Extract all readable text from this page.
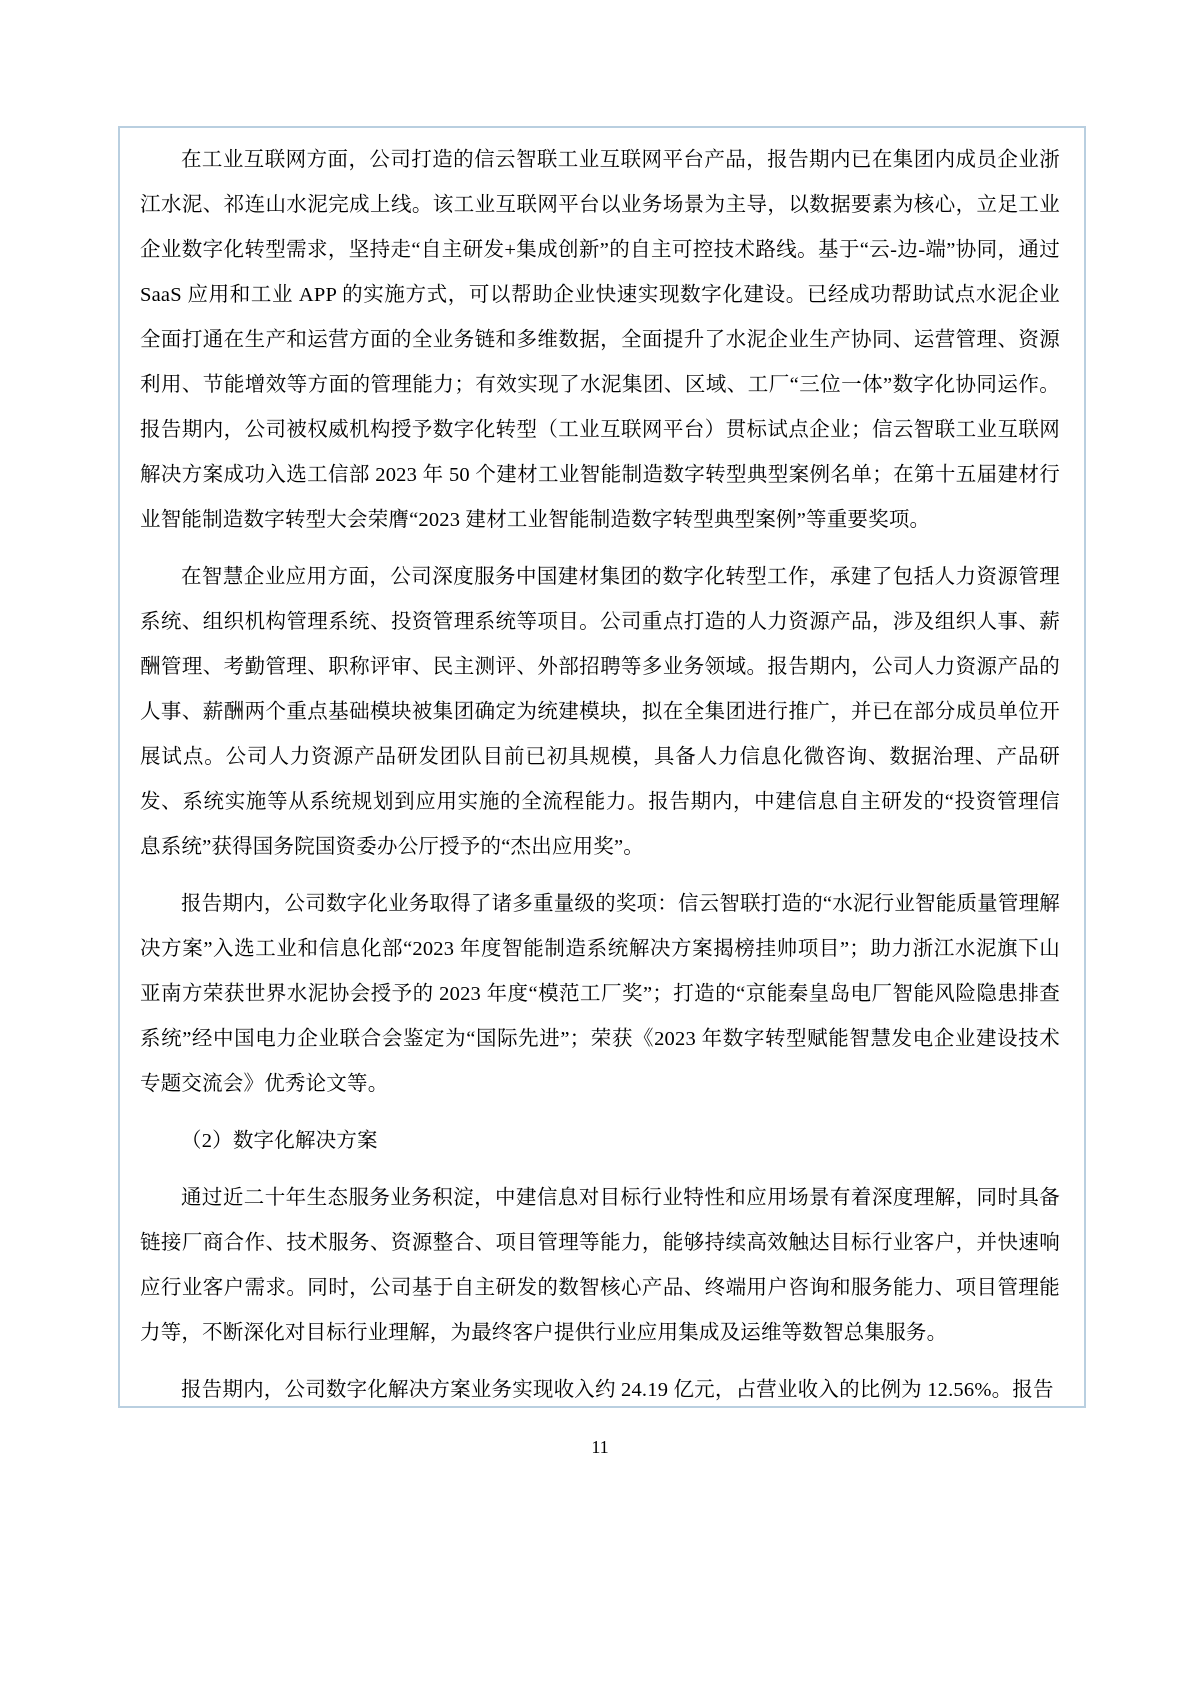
在工业互联网方面，公司打造的信云智联工业互联网平台产品，报告期内已在集团内成员企业浙江水泥、祁连山水泥完成上线。该工业互联网平台以业务场景为主导，以数据要素为核心，立足工业企业数字化转型需求，坚持走“自主研发+集成创新”的自主可控技术路线。基于“云-边-端”协同，通过 SaaS 应用和工业 APP 的实施方式，可以帮助企业快速实现数字化建设。已经成功帮助试点水泥企业全面打通在生产和运营方面的全业务链和多维数据，全面提升了水泥企业生产协同、运营管理、资源利用、节能增效等方面的管理能力；有效实现了水泥集团、区域、工厂“三位一体”数字化协同运作。报告期内，公司被权威机构授予数字化转型（工业互联网平台）贯标试点企业；信云智联工业互联网解决方案成功入选工信部 2023 年 50 个建材工业智能制造数字转型典型案例名单；在第十五届建材行业智能制造数字转型大会荣膺“2023 建材工业智能制造数字转型典型案例”等重要奖项。

在智慧企业应用方面，公司深度服务中国建材集团的数字化转型工作，承建了包括人力资源管理系统、组织机构管理系统、投资管理系统等项目。公司重点打造的人力资源产品，涉及组织人事、薪酬管理、考勤管理、职称评审、民主测评、外部招聘等多业务领域。报告期内，公司人力资源产品的人事、薪酬两个重点基础模块被集团确定为统建模块，拟在全集团进行推广，并已在部分成员单位开展试点。公司人力资源产品研发团队目前已初具规模，具备人力信息化微咨询、数据治理、产品研发、系统实施等从系统规划到应用实施的全流程能力。报告期内，中建信息自主研发的“投资管理信息系统”获得国务院国资委办公厅授予的“杰出应用奖”。

报告期内，公司数字化业务取得了诸多重量级的奖项：信云智联打造的“水泥行业智能质量管理解决方案”入选工业和信息化部“2023 年度智能制造系统解决方案揭榜挂帅项目”；助力浙江水泥旗下山亚南方荣获世界水泥协会授予的 2023 年度“模范工厂奖”；打造的“京能秦皇岛电厂智能风险隐患排查系统”经中国电力企业联合会鉴定为“国际先进”；荣获《2023 年数字转型赋能智慧发电企业建设技术专题交流会》优秀论文等。

（2）数字化解决方案

通过近二十年生态服务业务积淀，中建信息对目标行业特性和应用场景有着深度理解，同时具备链接厂商合作、技术服务、资源整合、项目管理等能力，能够持续高效触达目标行业客户，并快速响应行业客户需求。同时，公司基于自主研发的数智核心产品、终端用户咨询和服务能力、项目管理能力等，不断深化对目标行业理解，为最终客户提供行业应用集成及运维等数智总集服务。

报告期内，公司数字化解决方案业务实现收入约 24.19 亿元，占营业收入的比例为 12.56%。报告

11
